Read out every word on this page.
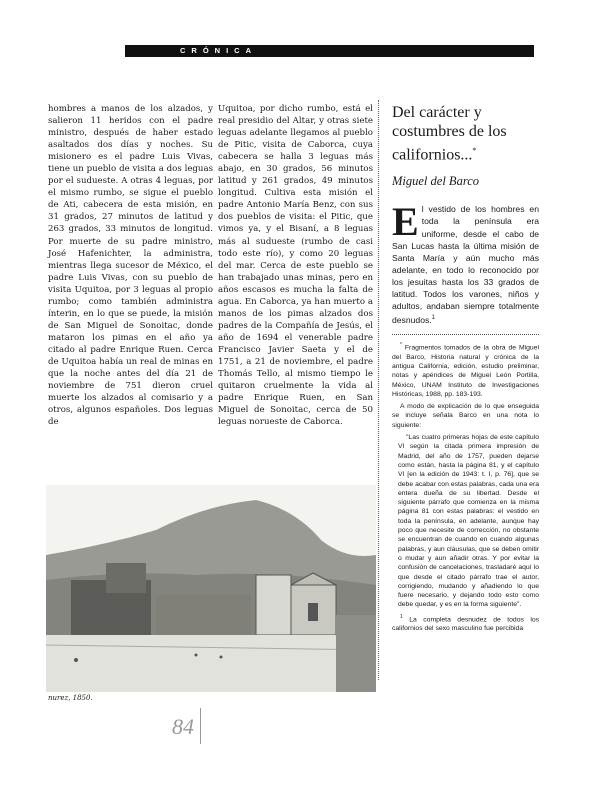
CRÓNICA
hombres a manos de los alzados, y salieron 11 heridos con el padre ministro, después de haber estado asaltados dos días y noches. Su misionero es el padre Luis Vivas, tiene un pueblo de visita a dos leguas por el sudueste. A otras 4 leguas, por el mismo rumbo, se sigue el pueblo de Ati, cabecera de esta misión, en 31 grados, 27 minutos de latitud y 263 grados, 33 minutos de longitud. Por muerte de su padre ministro, José Hafenichter, la administra, mientras llega sucesor de México, el padre Luis Vivas, con su pueblo de visita Uquitoa, por 3 leguas al propio rumbo; como también administra ínterin, en lo que se puede, la misión de San Miguel de Sonoitac, donde mataron los pimas en el año ya citado al padre Enrique Ruen. Cerca de Uquitoa había un real de minas en que la noche antes del día 21 de noviembre de 751 dieron cruel muerte los alzados al comisario y a otros, algunos españoles. Dos leguas de
Uquitoa, por dicho rumbo, está el real presidio del Altar, y otras siete leguas adelante llegamos al pueblo de Pitic, visita de Caborca, cuya cabecera se halla 3 leguas más abajo, en 30 grados, 56 minutos latitud y 261 grados, 49 minutos longitud. Cultiva esta misión el padre Antonio María Benz, con sus dos pueblos de visita: el Pitic, que vimos ya, y el Bisaní, a 8 leguas más al sudueste (rumbo de casi todo este río), y como 20 leguas del mar. Cerca de este pueblo se han trabajado unas minas, pero en años escasos es mucha la falta de agua. En Caborca, ya han muerto a manos de los pimas alzados dos padres de la Compañía de Jesús, el año de 1694 el venerable padre Francisco Javier Saeta y el de 1751, a 21 de noviembre, el padre Thomás Tello, al mismo tiempo le quitaron cruelmente la vida al padre Enrique Ruen, en San Miguel de Sonoitac, cerca de 50 leguas norueste de Caborca.
Del carácter y costumbres de los californios...*
Miguel del Barco
El vestido de los hombres en toda la península era uniforme, desde el cabo de San Lucas hasta la última misión de Santa María y aún mucho más adelante, en todo lo reconocido por los jesuitas hasta los 33 grados de latitud. Todos los varones, niños y adultos, andaban siempre totalmente desnudos.$^1$

* Fragmentos tomados de la obra de Miguel del Barco, Historia natural y crónica de la antigua California, edición, estudio preliminar, notas y apéndices de Miguel León Portilla, México, UNAM Instituto de Investigaciones Históricas, 1988, pp. 183-193.

A modo de explicación de lo que enseguida se incluye señala Barco en una nota lo siguiente:

"Las cuatro primeras hojas de este capítulo VI según la citada primera impresión de Madrid, del año de 1757, pueden dejarse como están, hasta la página 81, y el capítulo VI [en la edición de 1943: t. I, p. 76], que se debe acabar con estas palabras, cada una era entera dueña de su libertad. Desde el siguiente párrafo que comienza en la misma página 81 con estas palabras: el vestido en toda la península, en adelante, aunque hay poco que necesite de corrección, no obstante se encuentran de cuando en cuando algunas palabras, y aun cláusulas, que se deben omitir o mudar y aun añadir otras. Y por evitar la confusión de cancelaciones, trasladaré aquí lo que desde el citado párrafo trae el autor, corrigiendo, mudando y añadiendo lo que fuere necesario, y dejando todo esto como debe quedar, y es en la forma siguiente".

$^1$ La completa desnudez de todos los californios del sexo masculino fue percibida

nurez, 1850.
84
